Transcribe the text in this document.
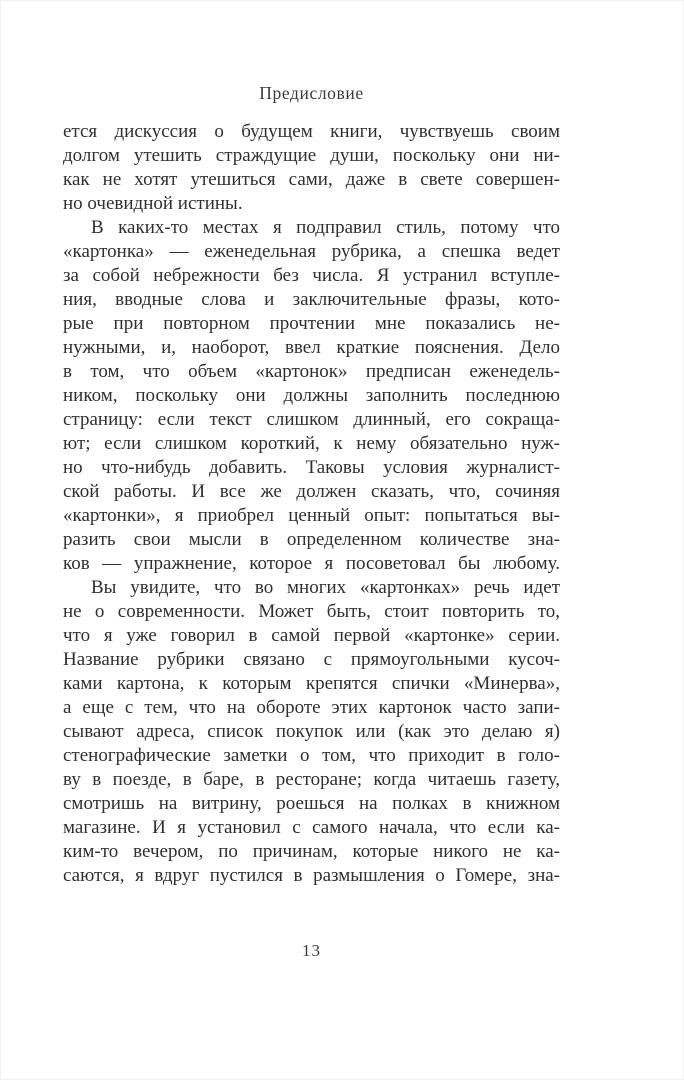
Предисловие
ется дискуссия о будущем книги, чувствуешь своим
долгом утешить страждущие души, поскольку они ни-
как не хотят утешиться сами, даже в свете совершен-
но очевидной истины.
В каких-то местах я подправил стиль, потому что
«картонка» — еженедельная рубрика, а спешка ведет
за собой небрежности без числа. Я устранил вступле-
ния, вводные слова и заключительные фразы, кото-
рые при повторном прочтении мне показались не-
нужными, и, наоборот, ввел краткие пояснения. Дело
в том, что объем «картонок» предписан еженедель-
ником, поскольку они должны заполнить последнюю
страницу: если текст слишком длинный, его сокраща-
ют; если слишком короткий, к нему обязательно нуж-
но что-нибудь добавить. Таковы условия журналист-
ской работы. И все же должен сказать, что, сочиняя
«картонки», я приобрел ценный опыт: попытаться вы-
разить свои мысли в определенном количестве зна-
ков — упражнение, которое я посоветовал бы любому.
Вы увидите, что во многих «картонках» речь идет
не о современности. Может быть, стоит повторить то,
что я уже говорил в самой первой «картонке» серии.
Название рубрики связано с прямоугольными кусоч-
ками картона, к которым крепятся спички «Минерва»,
а еще с тем, что на обороте этих картонок часто запи-
сывают адреса, список покупок или (как это делаю я)
стенографические заметки о том, что приходит в голо-
ву в поезде, в баре, в ресторане; когда читаешь газету,
смотришь на витрину, роешься на полках в книжном
магазине. И я установил с самого начала, что если ка-
ким-то вечером, по причинам, которые никого не ка-
саются, я вдруг пустился в размышления о Гомере, зна-
13
